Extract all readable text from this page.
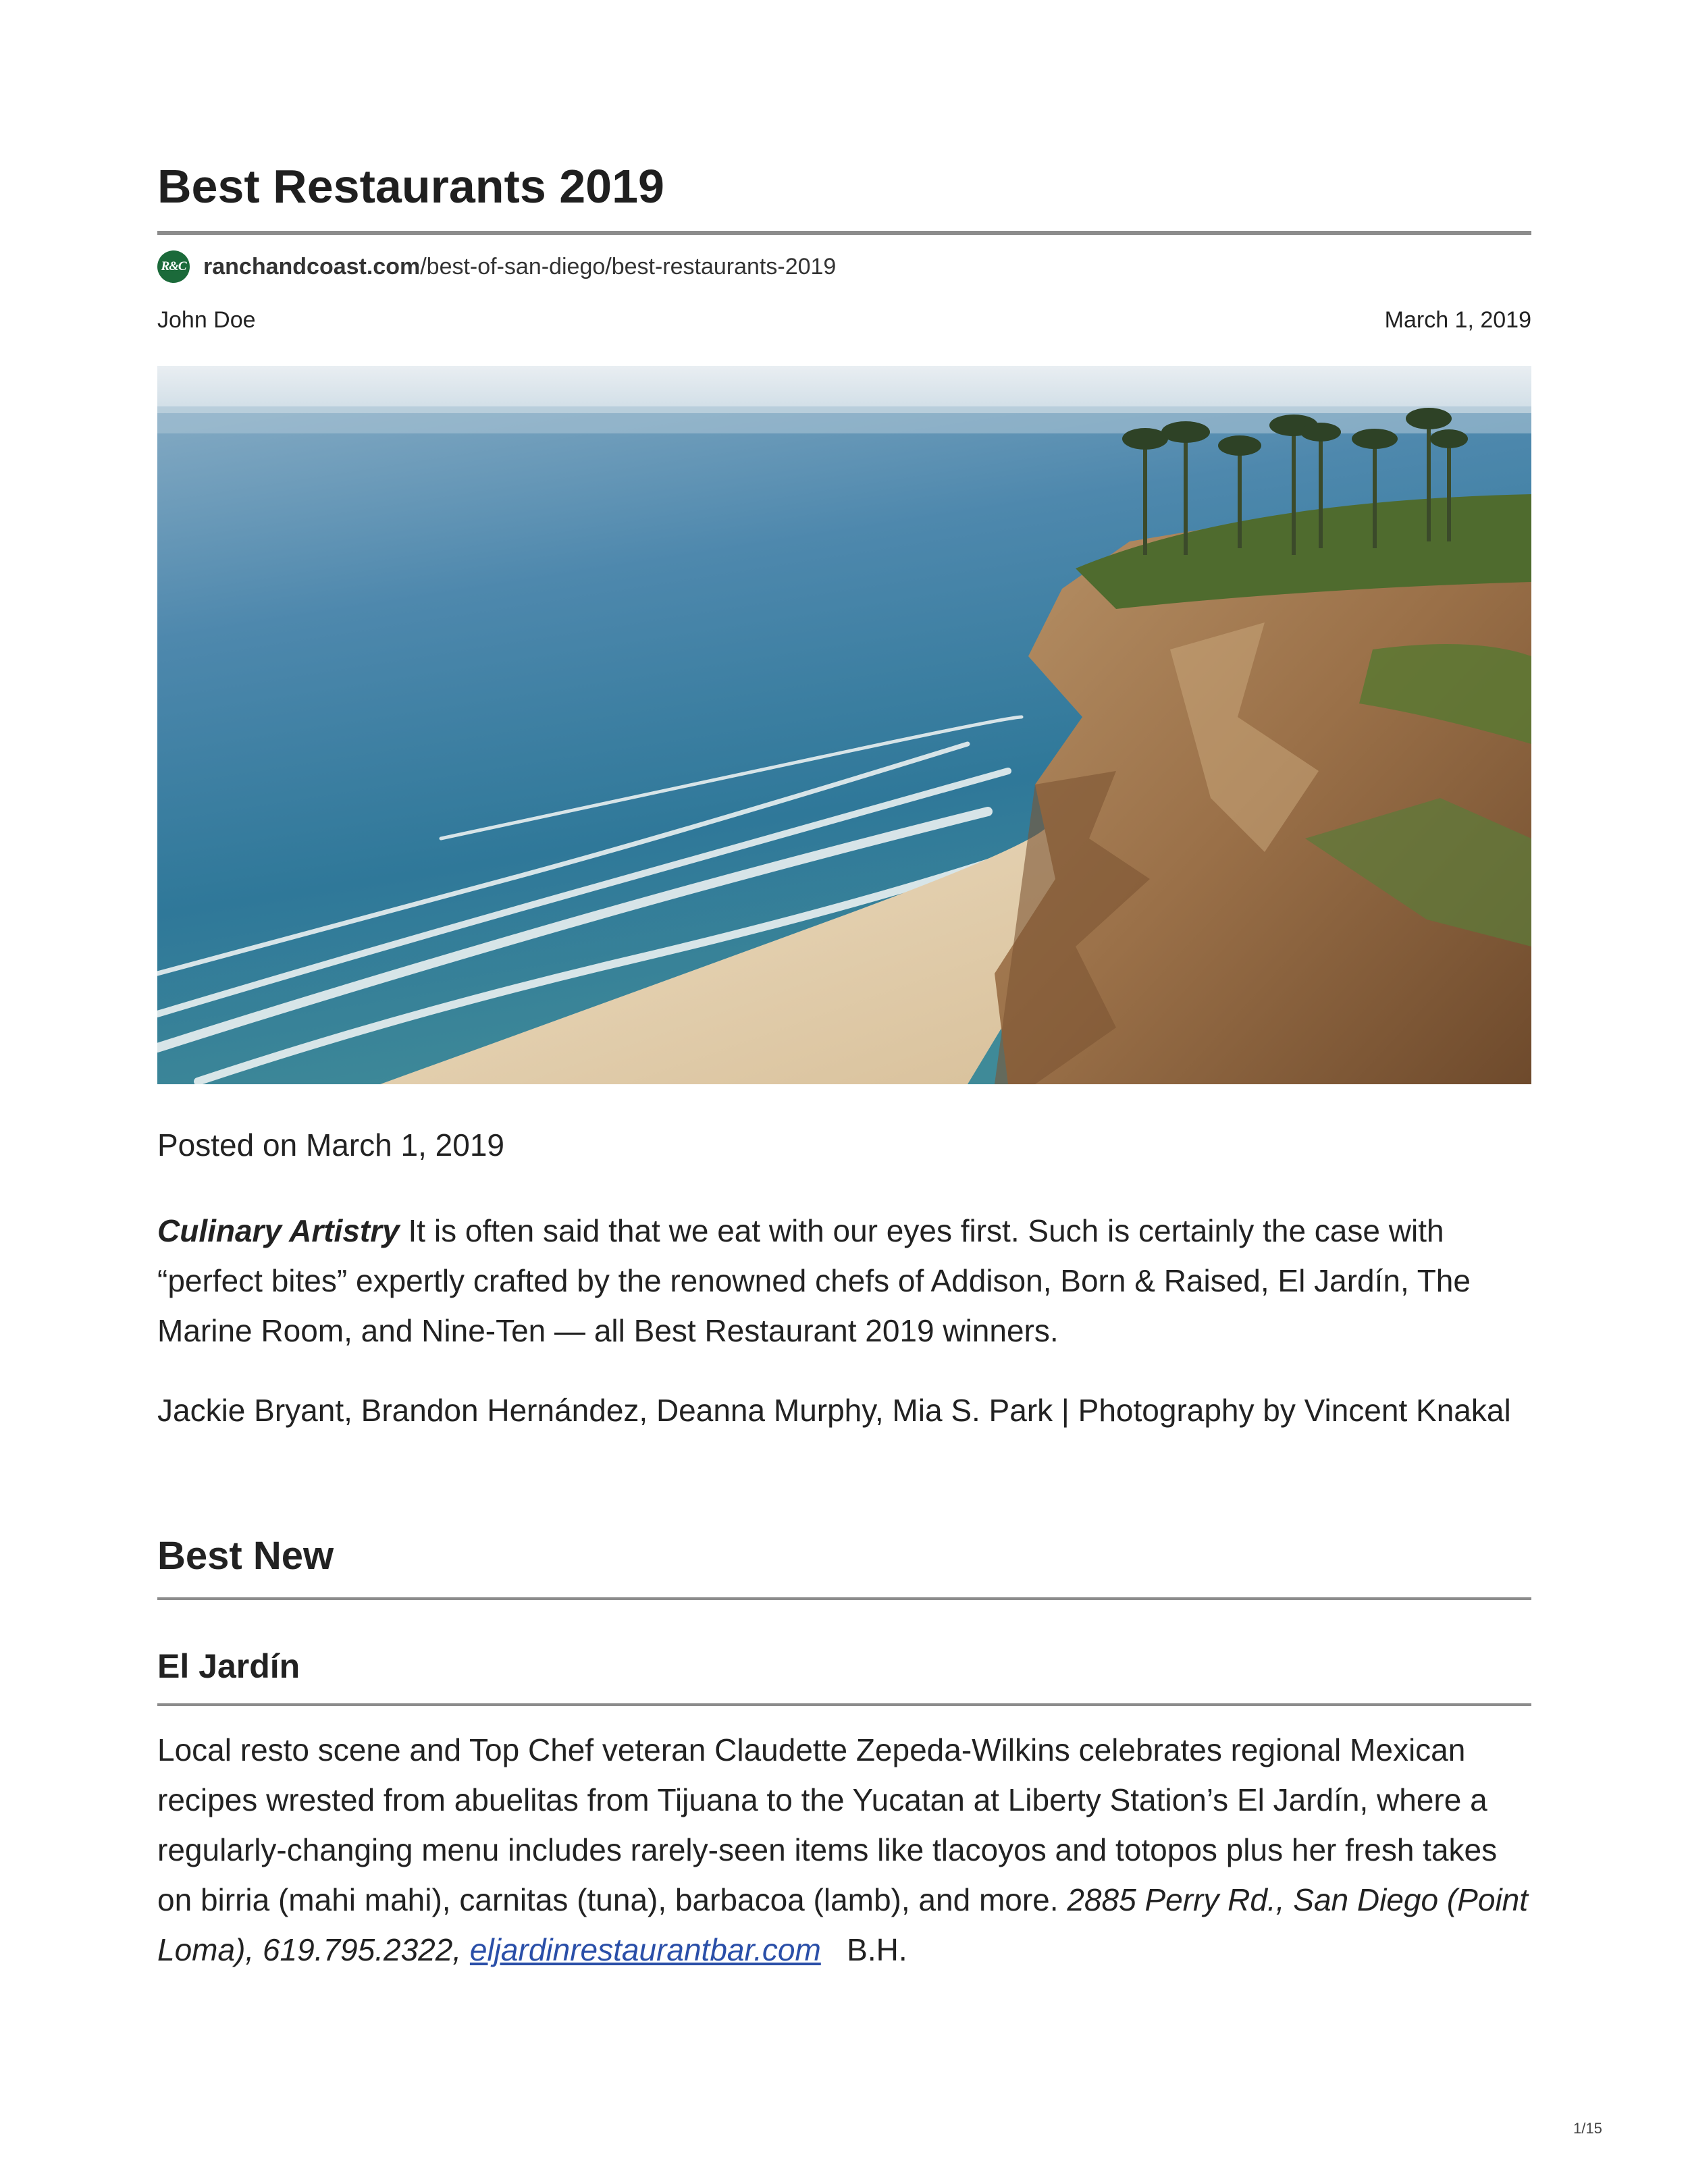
Best Restaurants 2019
R&C ranchandcoast.com/best-of-san-diego/best-restaurants-2019
John Doe	March 1, 2019

Posted on March 1, 2019

Culinary Artistry It is often said that we eat with our eyes first. Such is certainly the case with “perfect bites” expertly crafted by the renowned chefs of Addison, Born & Raised, El Jardín, The Marine Room, and Nine-Ten — all Best Restaurant 2019 winners.

Jackie Bryant, Brandon Hernández, Deanna Murphy, Mia S. Park | Photography by Vincent Knakal

Best New
El Jardín

Local resto scene and Top Chef veteran Claudette Zepeda-Wilkins celebrates regional Mexican recipes wrested from abuelitas from Tijuana to the Yucatan at Liberty Station’s El Jardín, where a regularly-changing menu includes rarely-seen items like tlacoyos and totopos plus her fresh takes on birria (mahi mahi), carnitas (tuna), barbacoa (lamb), and more. 2885 Perry Rd., San Diego (Point Loma), 619.795.2322, eljardinrestaurantbar.com   B.H.

1/15
